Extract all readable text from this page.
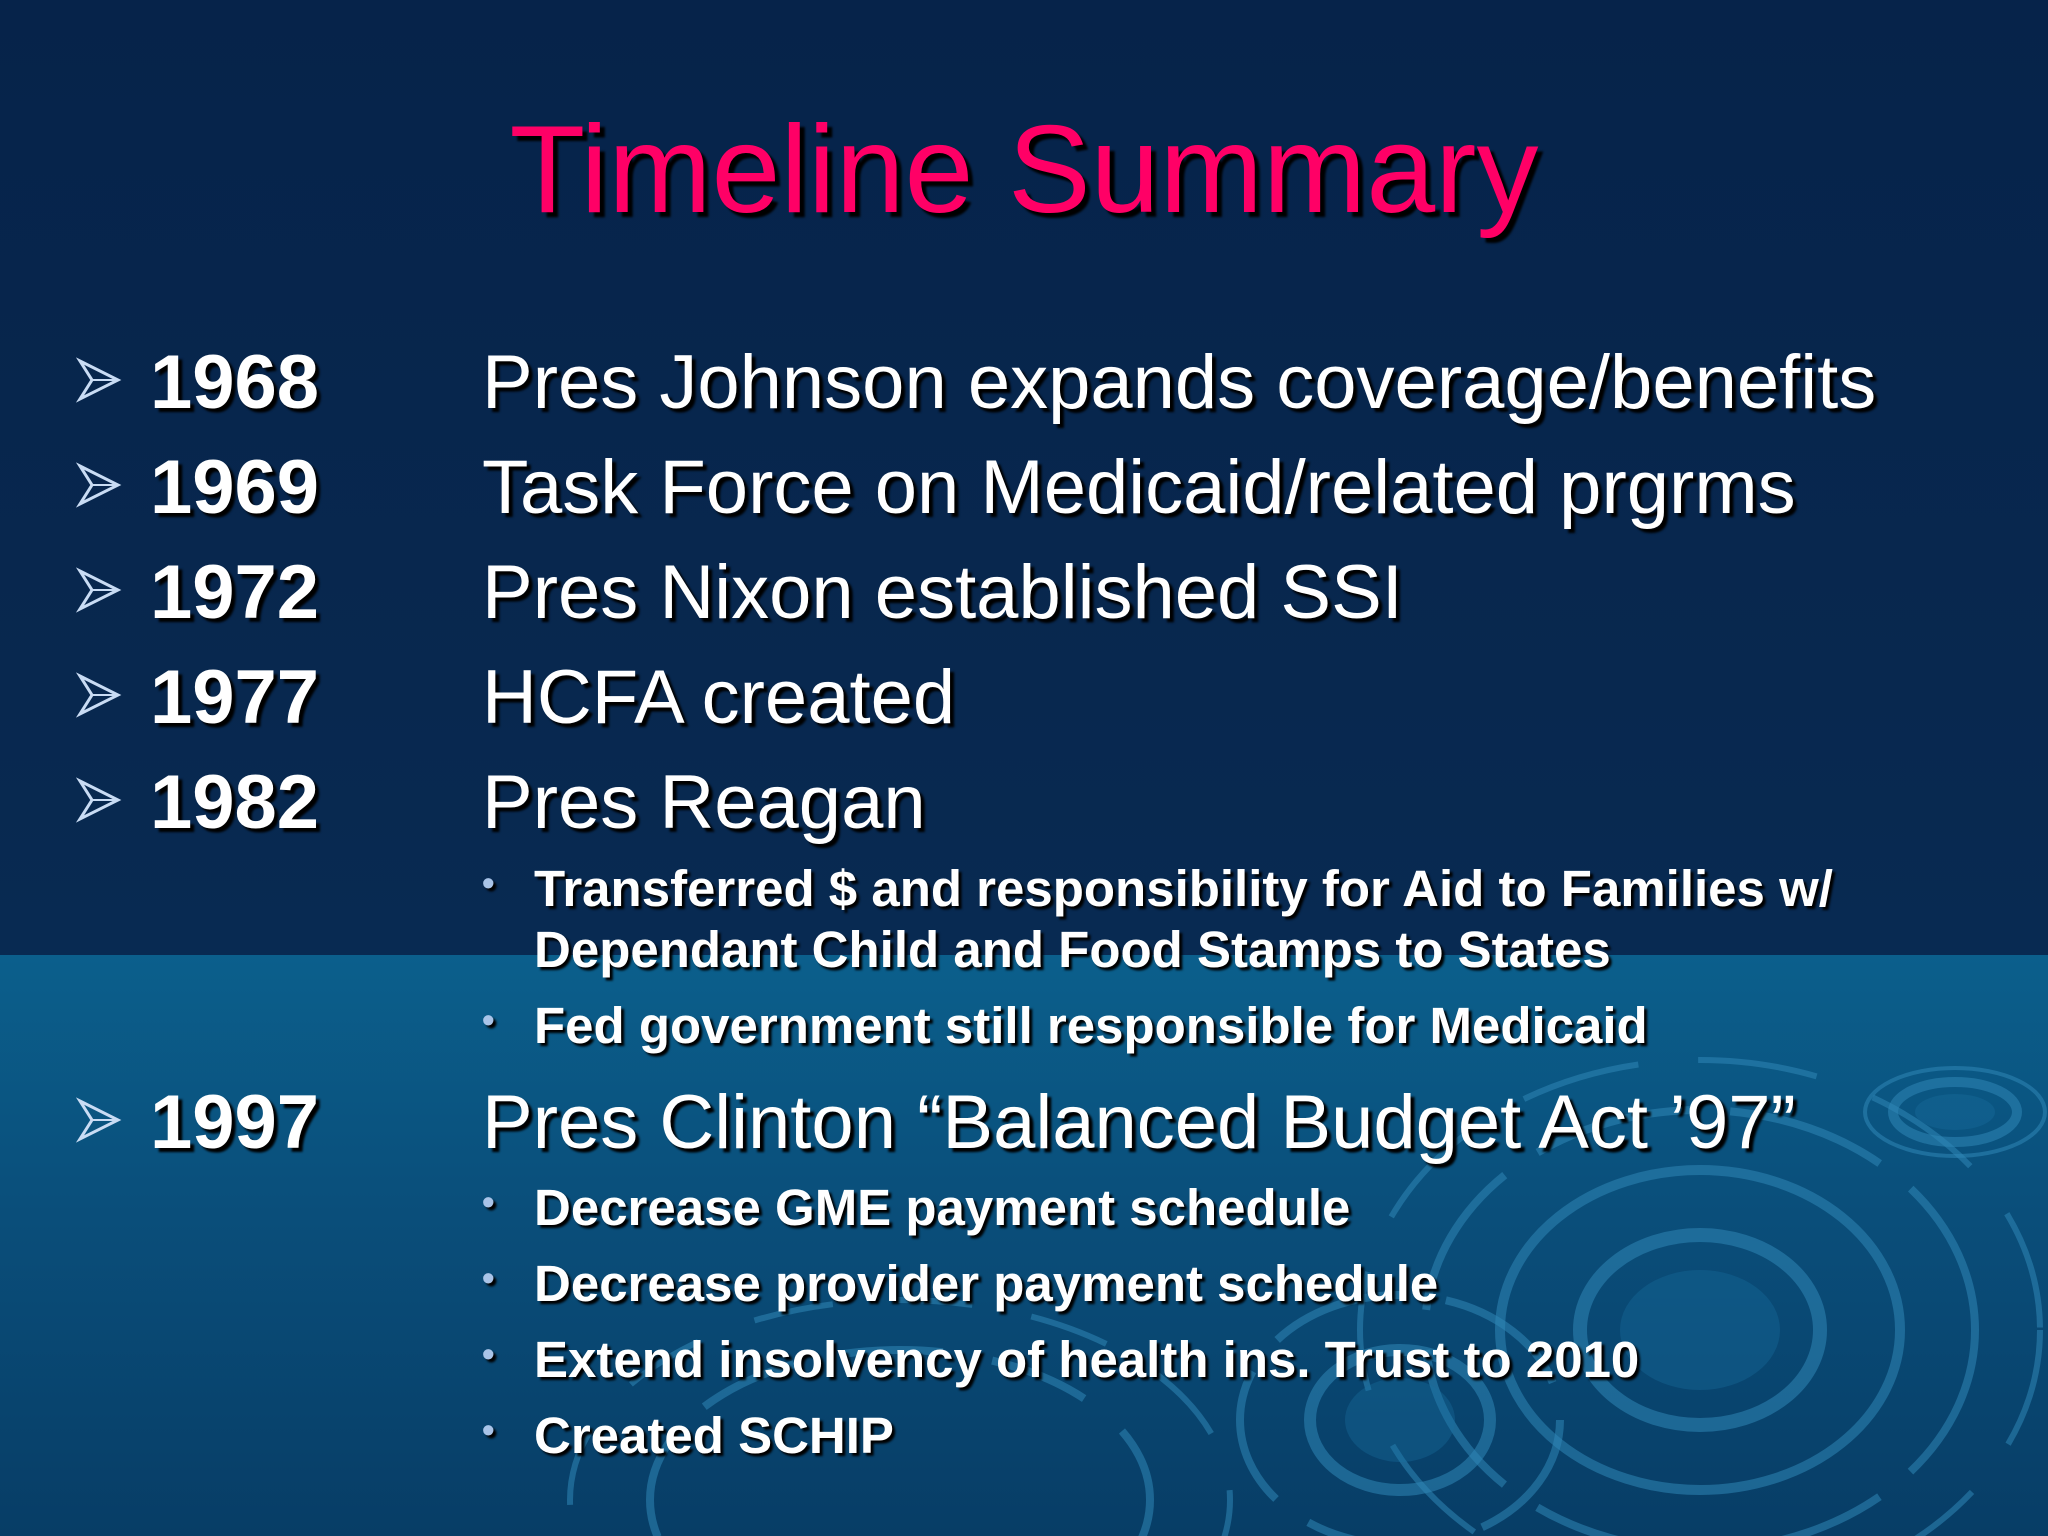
Timeline Summary
1968 Pres Johnson expands coverage/benefits
1969 Task Force on Medicaid/related prgrms
1972 Pres Nixon established SSI
1977 HCFA created
1982 Pres Reagan
• Transferred $ and responsibility for Aid to Families w/ Dependant Child and Food Stamps to States
• Fed government still responsible for Medicaid
1997 Pres Clinton “Balanced Budget Act ’97”
• Decrease GME payment schedule
• Decrease provider payment schedule
• Extend insolvency of health ins. Trust to 2010
• Created SCHIP
